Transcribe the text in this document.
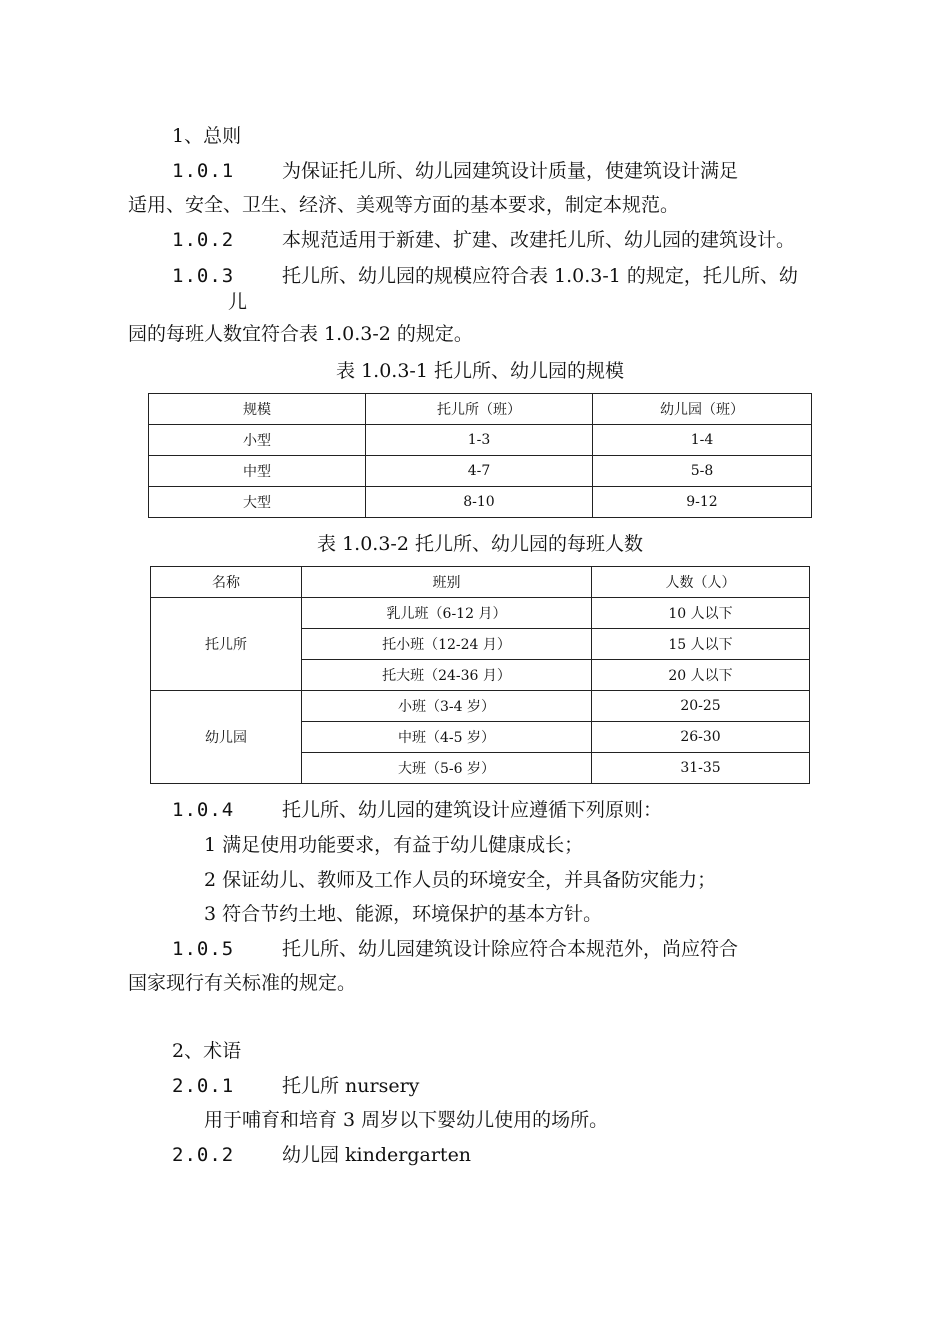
1、总则
1.0.1	为保证托儿所、幼儿园建筑设计质量，使建筑设计满足
适用、安全、卫生、经济、美观等方面的基本要求，制定本规范。
1.0.2	本规范适用于新建、扩建、改建托儿所、幼儿园的建筑设计。
1.0.3	托儿所、幼儿园的规模应符合表 1.0.3-1 的规定，托儿所、幼
儿
园的每班人数宜符合表 1.0.3-2 的规定。
表 1.0.3-1 托儿所、幼儿园的规模
规模	托儿所（班）	幼儿园（班）
小型	1-3	1-4
中型	4-7	5-8
大型	8-10	9-12
表 1.0.3-2 托儿所、幼儿园的每班人数
名称	班别	人数（人）
托儿所	乳儿班（6-12 月）	10 人以下
	托小班（12-24 月）	15 人以下
	托大班（24-36 月）	20 人以下
幼儿园	小班（3-4 岁）	20-25
	中班（4-5 岁）	26-30
	大班（5-6 岁）	31-35
1.0.4	托儿所、幼儿园的建筑设计应遵循下列原则：
1 满足使用功能要求，有益于幼儿健康成长；
2 保证幼儿、教师及工作人员的环境安全，并具备防灾能力；
3 符合节约土地、能源，环境保护的基本方针。
1.0.5	托儿所、幼儿园建筑设计除应符合本规范外，尚应符合
国家现行有关标准的规定。
2、术语
2.0.1	托儿所 nursery
用于哺育和培育 3 周岁以下婴幼儿使用的场所。
2.0.2	幼儿园 kindergarten
